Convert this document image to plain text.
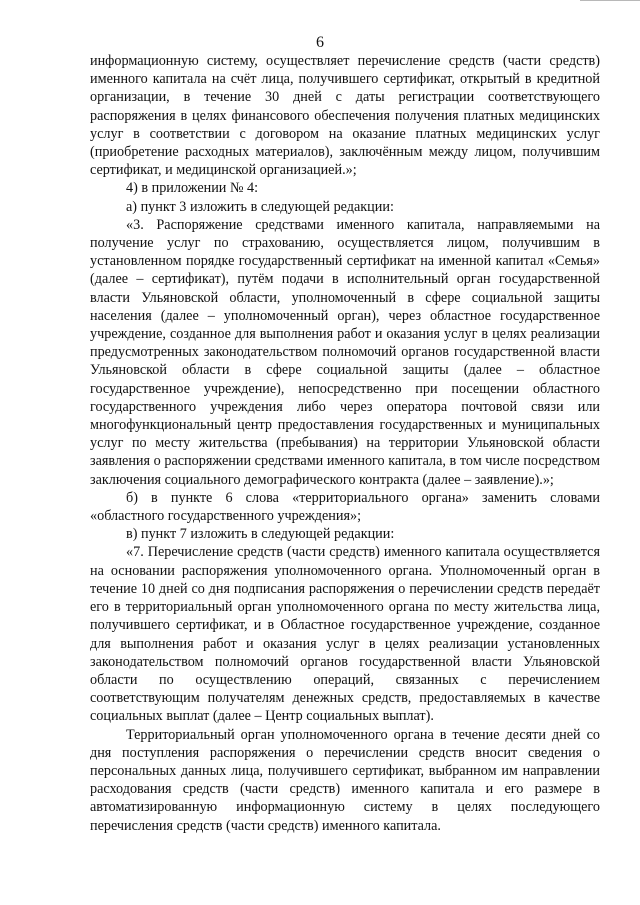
6

информационную систему, осуществляет перечисление средств (части средств) именного капитала на счёт лица, получившего сертификат, открытый в кредитной организации, в течение 30 дней с даты регистрации соответствующего распоряжения в целях финансового обеспечения получения платных медицинских услуг в соответствии с договором на оказание платных медицинских услуг (приобретение расходных материалов), заключённым между лицом, получившим сертификат, и медицинской организацией.»;

4) в приложении № 4:

а) пункт 3 изложить в следующей редакции:

«3. Распоряжение средствами именного капитала, направляемыми на получение услуг по страхованию, осуществляется лицом, получившим в установленном порядке государственный сертификат на именной капитал «Семья» (далее – сертификат), путём подачи в исполнительный орган государственной власти Ульяновской области, уполномоченный в сфере социальной защиты населения (далее – уполномоченный орган), через областное государственное учреждение, созданное для выполнения работ и оказания услуг в целях реализации предусмотренных законодательством полномочий органов государственной власти Ульяновской области в сфере социальной защиты (далее – областное государственное учреждение), непосредственно при посещении областного государственного учреждения либо через оператора почтовой связи или многофункциональный центр предоставления государственных и муниципальных услуг по месту жительства (пребывания) на территории Ульяновской области заявления о распоряжении средствами именного капитала, в том числе посредством заключения социального демографического контракта (далее – заявление).»;

б) в пункте 6 слова «территориального органа» заменить словами «областного государственного учреждения»;

в) пункт 7 изложить в следующей редакции:

«7. Перечисление средств (части средств) именного капитала осуществляется на основании распоряжения уполномоченного органа. Уполномоченный орган в течение 10 дней со дня подписания распоряжения о перечислении средств передаёт его в территориальный орган уполномоченного органа по месту жительства лица, получившего сертификат, и в Областное государственное учреждение, созданное для выполнения работ и оказания услуг в целях реализации установленных законодательством полномочий органов государственной власти Ульяновской области по осуществлению операций, связанных с перечислением соответствующим получателям денежных средств, предоставляемых в качестве социальных выплат (далее – Центр социальных выплат).

Территориальный орган уполномоченного органа в течение десяти дней со дня поступления распоряжения о перечислении средств вносит сведения о персональных данных лица, получившего сертификат, выбранном им направлении расходования средств (части средств) именного капитала и его размере в автоматизированную информационную систему в целях последующего перечисления средств (части средств) именного капитала.
